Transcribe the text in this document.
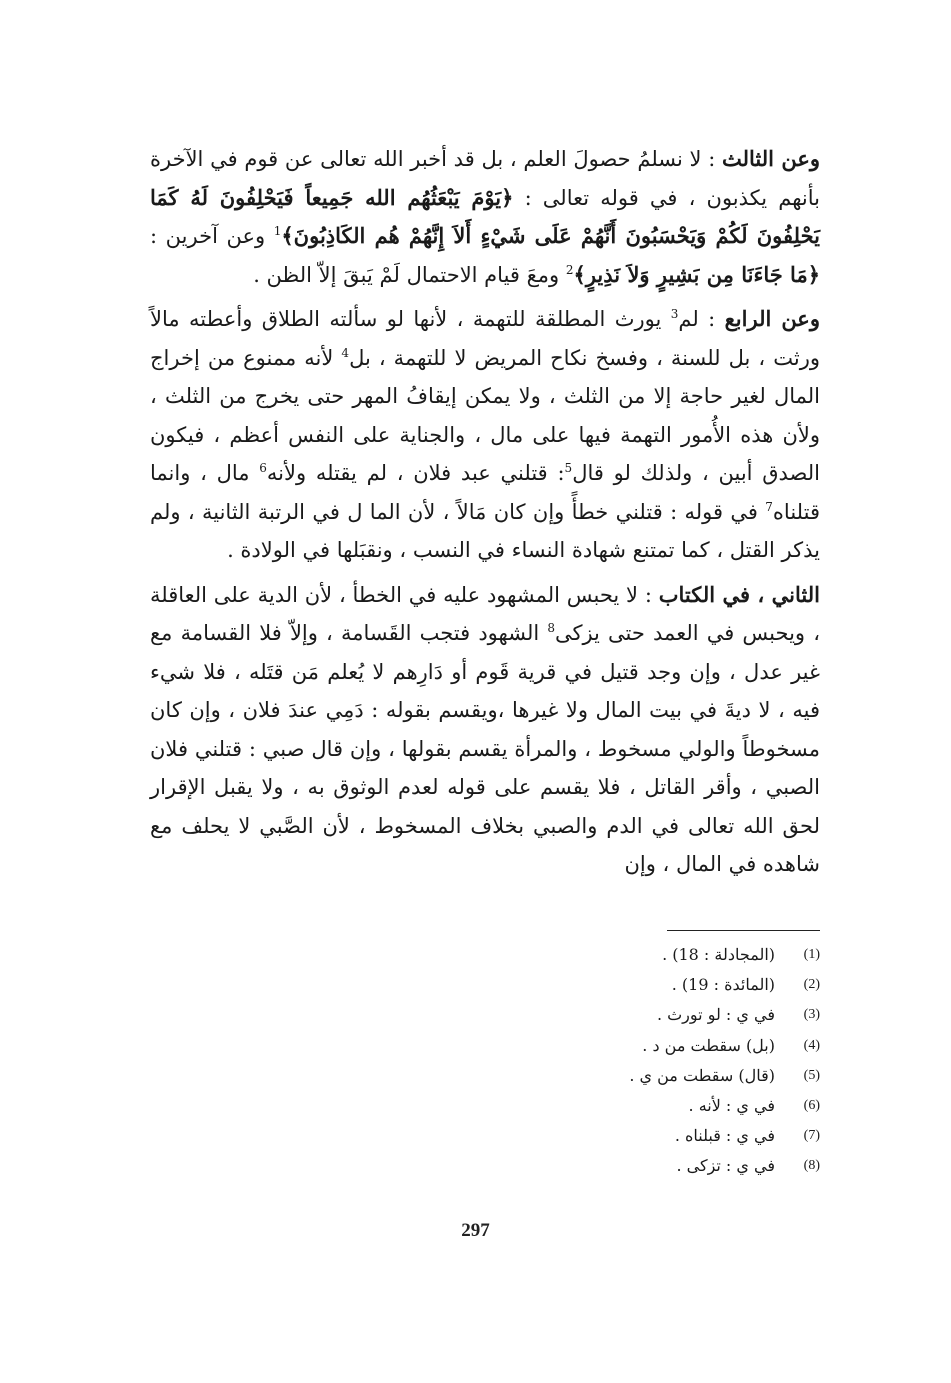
وعن الثالث : لا نسلمُ حصولَ العلم ، بل قد أخبر الله تعالى عن قوم في الآخرة بأنهم يكذبون ، في قوله تعالى : ﴿يَوْمَ يَبْعَثُهُم الله جَمِيعاً فَيَحْلِفُونَ لَهُ كَمَا يَحْلِفُونَ لَكُمْ وَيَحْسَبُونَ أَنَّهُمْ عَلَى شَيْءٍ أَلاَ إِنَّهُمْ هُم الكَاذِبُونَ﴾$^1$ وعن آخرين : ﴿مَا جَاءَنَا مِن بَشِيرٍ وَلاَ نَذِيرٍ﴾$^2$ ومعَ قيام الاحتمال لَمْ يَبقَ إلاّ الظن .

وعن الرابع : لم$^3$ يورث المطلقة للتهمة ، لأنها لو سألته الطلاق وأعطته مالاً ورثت ، بل للسنة ، وفسخ نكاح المريض لا للتهمة ، بل$^4$ لأنه ممنوع من إخراج المال لغير حاجة إلا من الثلث ، ولا يمكن إيقافُ المهر حتى يخرج من الثلث ، ولأن هذه الأُمور التهمة فيها على مال ، والجناية على النفس أعظم ، فيكون الصدق أبين ، ولذلك لو قال$^5$: قتلني عبد فلان ، لم يقتله ولأنه$^6$ مال ، وانما قتلناه$^7$ في قوله : قتلني خطأً وإن كان مَالاً ، لأن الما ل في الرتبة الثانية ، ولم يذكر القتل ، كما تمتنع شهادة النساء في النسب ، ونقبَلها في الولادة .

الثاني ، في الكتاب : لا يحبس المشهود عليه في الخطأ ، لأن الدية على العاقلة ، ويحبس في العمد حتى يزكى$^8$ الشهود فتجب القَسامة ، وإلاّ فلا القسامة مع غير عدل ، وإن وجد قتيل في قرية قَوم أو دَارِهم لا يُعلم مَن قتَله ، فلا شيء فيه ، لا ديةَ في بيت المال ولا غيرها ،ويقسم بقوله : دَمِي عندَ فلان ، وإن كان مسخوطاً والولي مسخوط ، والمرأة يقسم بقولها ، وإن قال صبي : قتلني فلان الصبي ، وأقر القاتل ، فلا يقسم على قوله لعدم الوثوق به ، ولا يقبل الإقرار لحق الله تعالى في الدم والصبي بخلاف المسخوط ، لأن الصَّبي لا يحلف مع شاهده في المال ، وإن

(1)
(المجادلة : 18) .
(2)
(المائدة : 19) .
(3)
في ي : لو تورث .
(4)
(بل) سقطت من د .
(5)
(قال) سقطت من ي .
(6)
في ي : لأنه .
(7)
في ي : قبلناه .
(8)
في ي : تزكى .
297
